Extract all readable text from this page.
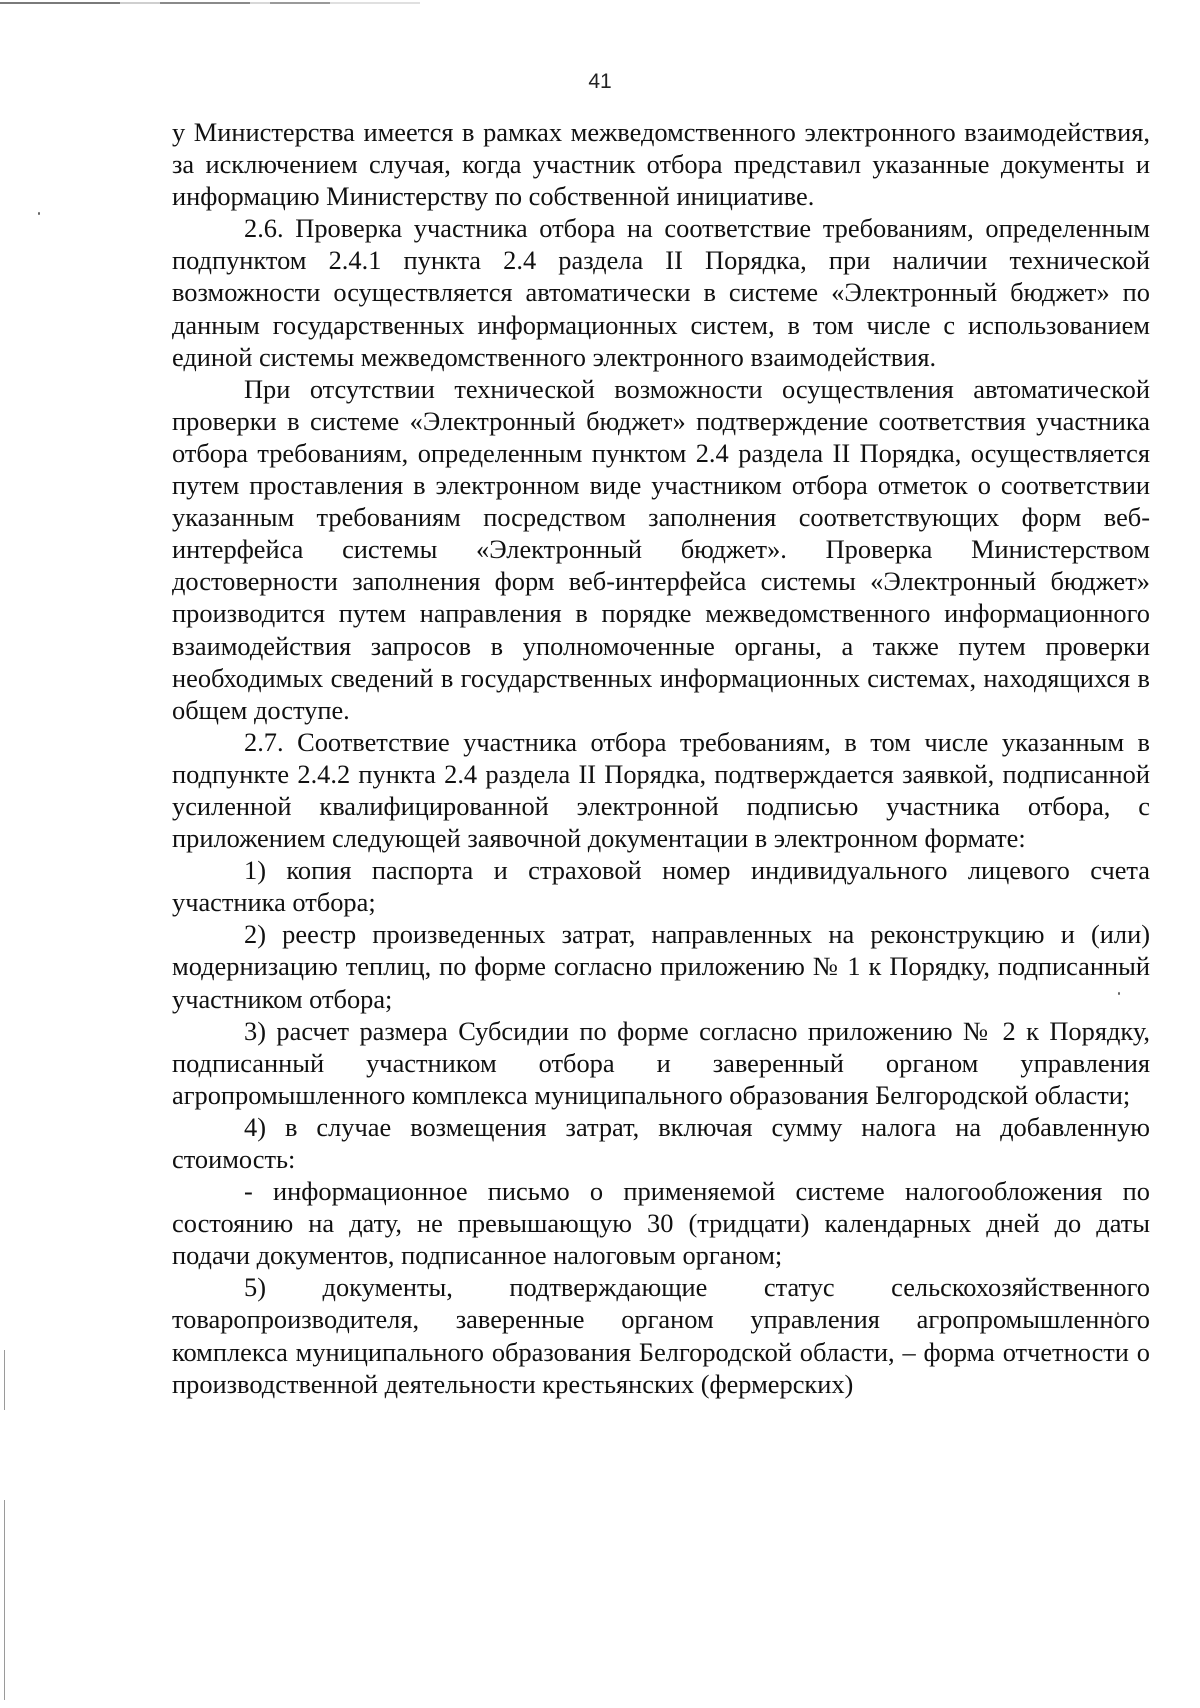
41

у Министерства имеется в рамках межведомственного электронного взаимодействия, за исключением случая, когда участник отбора представил указанные документы и информацию Министерству по собственной инициативе.

2.6. Проверка участника отбора на соответствие требованиям, определенным подпунктом 2.4.1 пункта 2.4 раздела II Порядка, при наличии технической возможности осуществляется автоматически в системе «Электронный бюджет» по данным государственных информационных систем, в том числе с использованием единой системы межведомственного электронного взаимодействия.

При отсутствии технической возможности осуществления автоматической проверки в системе «Электронный бюджет» подтверждение соответствия участника отбора требованиям, определенным пунктом 2.4 раздела II Порядка, осуществляется путем проставления в электронном виде участником отбора отметок о соответствии указанным требованиям посредством заполнения соответствующих форм веб-интерфейса системы «Электронный бюджет». Проверка Министерством достоверности заполнения форм веб-интерфейса системы «Электронный бюджет» производится путем направления в порядке межведомственного информационного взаимодействия запросов в уполномоченные органы, а также путем проверки необходимых сведений в государственных информационных системах, находящихся в общем доступе.

2.7. Соответствие участника отбора требованиям, в том числе указанным в подпункте 2.4.2 пункта 2.4 раздела II Порядка, подтверждается заявкой, подписанной усиленной квалифицированной электронной подписью участника отбора, с приложением следующей заявочной документации в электронном формате:

1) копия паспорта и страховой номер индивидуального лицевого счета участника отбора;

2) реестр произведенных затрат, направленных на реконструкцию и (или) модернизацию теплиц, по форме согласно приложению № 1 к Порядку, подписанный участником отбора;

3) расчет размера Субсидии по форме согласно приложению № 2 к Порядку, подписанный участником отбора и заверенный органом управления агропромышленного комплекса муниципального образования Белгородской области;

4) в случае возмещения затрат, включая сумму налога на добавленную стоимость:

- информационное письмо о применяемой системе налогообложения по состоянию на дату, не превышающую 30 (тридцати) календарных дней до даты подачи документов, подписанное налоговым органом;

5) документы, подтверждающие статус сельскохозяйственного товаропроизводителя, заверенные органом управления агропромышленного комплекса муниципального образования Белгородской области, – форма отчетности о производственной деятельности крестьянских (фермерских)
